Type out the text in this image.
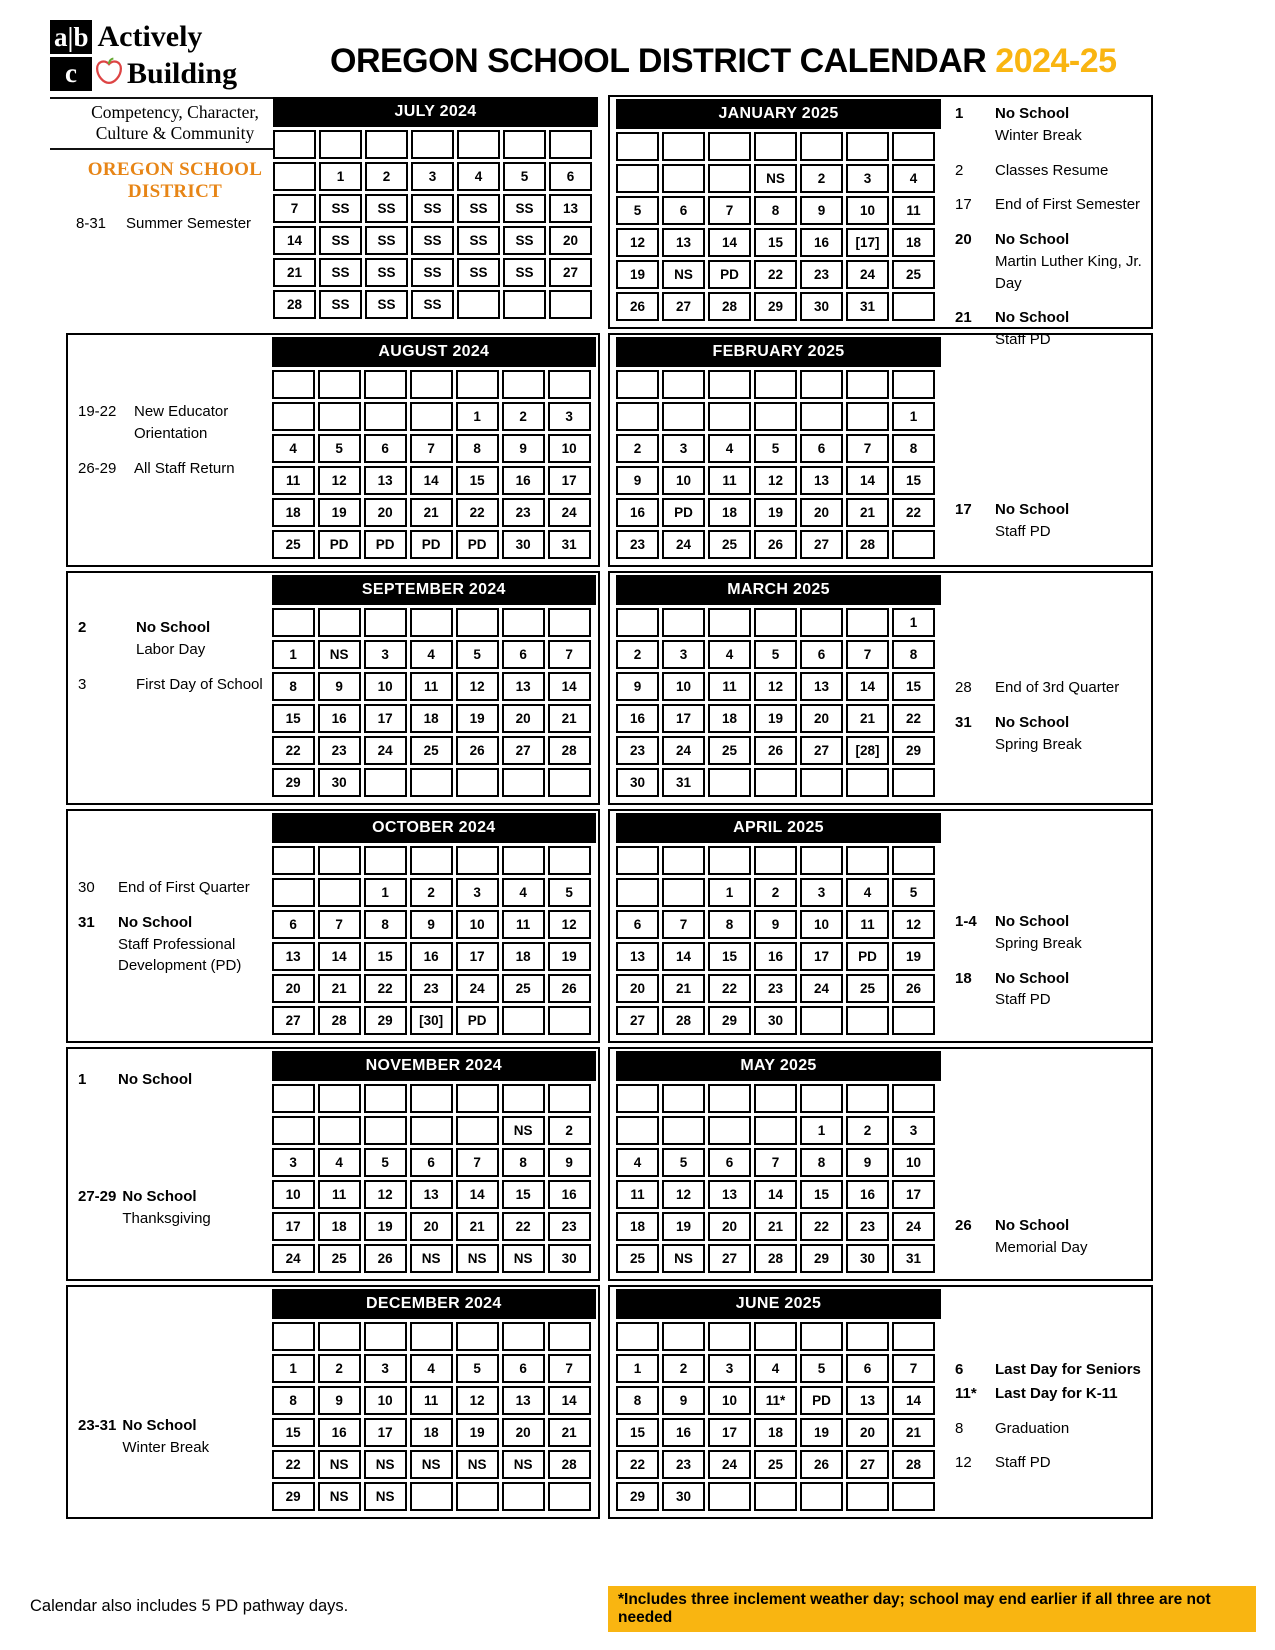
a|b Actively
c	Building
Competency, Character,
Culture & Community
OREGON SCHOOL DISTRICT
OREGON SCHOOL DISTRICT CALENDAR 2024-25
8-31	Summer Semester
JULY 2024

	1	2	3	4	5	6
7	SS	SS	SS	SS	SS	13
14	SS	SS	SS	SS	SS	20
21	SS	SS	SS	SS	SS	27
28	SS	SS	SS			
JANUARY 2025

			NS	2	3	4
5	6	7	8	9	10	11
12	13	14	15	16	[17]	18
19	NS	PD	22	23	24	25
26	27	28	29	30	31	
1	No School
Winter Break
2	Classes Resume
17	End of First Semester
20	No School
Martin Luther King, Jr. Day
21	No School
Staff PD
19-22	New Educator Orientation
26-29	All Staff Return
AUGUST 2024

				1	2	3
4	5	6	7	8	9	10
11	12	13	14	15	16	17
18	19	20	21	22	23	24
25	PD	PD	PD	PD	30	31
FEBRUARY 2025

						1
2	3	4	5	6	7	8
9	10	11	12	13	14	15
16	PD	18	19	20	21	22
23	24	25	26	27	28	
17	No School
Staff PD
2	No School
Labor Day
3	First Day of School
SEPTEMBER 2024

1	NS	3	4	5	6	7
8	9	10	11	12	13	14
15	16	17	18	19	20	21
22	23	24	25	26	27	28
29	30					
MARCH 2025
						1
2	3	4	5	6	7	8
9	10	11	12	13	14	15
16	17	18	19	20	21	22
23	24	25	26	27	[28]	29
30	31					
28	End of 3rd Quarter
31	No School
Spring Break
30	End of First Quarter
31	No School
Staff Professional
Development (PD)
OCTOBER 2024

		1	2	3	4	5
6	7	8	9	10	11	12
13	14	15	16	17	18	19
20	21	22	23	24	25	26
27	28	29	[30]	PD		
APRIL 2025

		1	2	3	4	5
6	7	8	9	10	11	12
13	14	15	16	17	PD	19
20	21	22	23	24	25	26
27	28	29	30			
1-4	No School
Spring Break
18	No School
Staff PD
1	No School
27-29 No School
Thanksgiving
NOVEMBER 2024

					NS	2
3	4	5	6	7	8	9
10	11	12	13	14	15	16
17	18	19	20	21	22	23
24	25	26	NS	NS	NS	30
MAY 2025

				1	2	3
4	5	6	7	8	9	10
11	12	13	14	15	16	17
18	19	20	21	22	23	24
25	NS	27	28	29	30	31
26	No School
Memorial Day
23-31 No School
Winter Break
DECEMBER 2024

1	2	3	4	5	6	7
8	9	10	11	12	13	14
15	16	17	18	19	20	21
22	NS	NS	NS	NS	NS	28
29	NS	NS				
JUNE 2025

1	2	3	4	5	6	7
8	9	10	11*	PD	13	14
15	16	17	18	19	20	21
22	23	24	25	26	27	28
29	30					
6	Last Day for Seniors
11*	Last Day for K-11
8	Graduation
12	Staff PD
Calendar also includes 5 PD pathway days.	*Includes three inclement weather day; school may end earlier if all three are not needed
